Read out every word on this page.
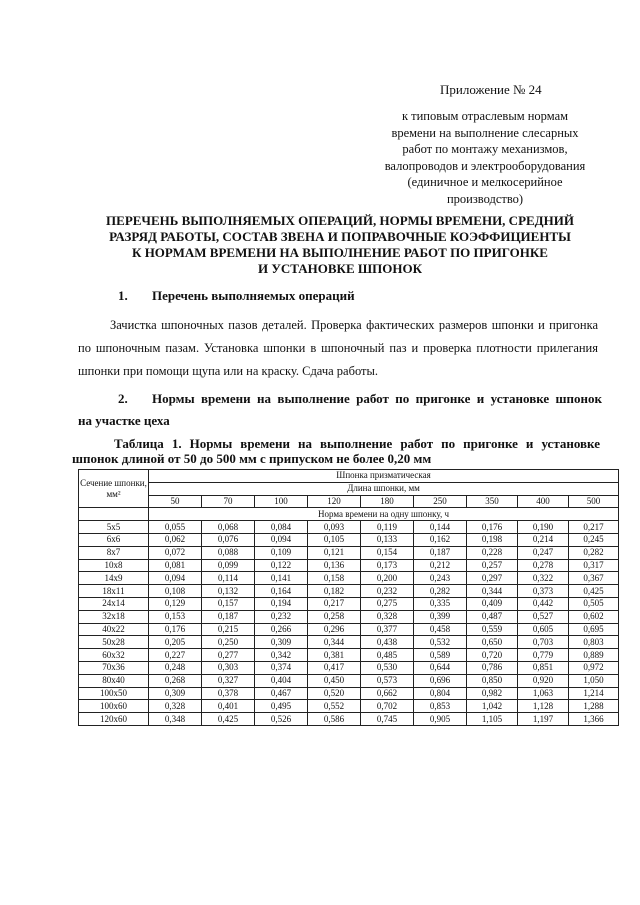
Приложение № 24
к типовым отраслевым нормам
времени на выполнение слесарных
работ по монтажу механизмов,
валопроводов и электрооборудования
(единичное и мелкосерийное
производство)
ПЕРЕЧЕНЬ ВЫПОЛНЯЕМЫХ ОПЕРАЦИЙ, НОРМЫ ВРЕМЕНИ, СРЕДНИЙ
РАЗРЯД РАБОТЫ, СОСТАВ ЗВЕНА И ПОПРАВОЧНЫЕ КОЭФФИЦИЕНТЫ
К НОРМАМ ВРЕМЕНИ НА ВЫПОЛНЕНИЕ РАБОТ ПО ПРИГОНКЕ
И УСТАНОВКЕ ШПОНОК
1. Перечень выполняемых операций
Зачистка шпоночных пазов деталей. Проверка фактических размеров шпонки и пригонка по шпоночным пазам. Установка шпонки в шпоночный паз и проверка плотности прилегания шпонки при помощи щупа или на краску. Сдача работы.
2. Нормы времени на выполнение работ по пригонке и установке шпонок
на участке цеха
Таблица 1. Нормы времени на выполнение работ по пригонке и установке
шпонок длиной от 50 до 500 мм с припуском не более 0,20 мм
Сечение шпонки, мм²	Шпонка призматическая								
	Длина шпонки, мм								
	50	70	100	120	180	250	350	400	500
	Норма времени на одну шпонку, ч								
5x5	0,055	0,068	0,084	0,093	0,119	0,144	0,176	0,190	0,217
6x6	0,062	0,076	0,094	0,105	0,133	0,162	0,198	0,214	0,245
8x7	0,072	0,088	0,109	0,121	0,154	0,187	0,228	0,247	0,282
10x8	0,081	0,099	0,122	0,136	0,173	0,212	0,257	0,278	0,317
14x9	0,094	0,114	0,141	0,158	0,200	0,243	0,297	0,322	0,367
18x11	0,108	0,132	0,164	0,182	0,232	0,282	0,344	0,373	0,425
24x14	0,129	0,157	0,194	0,217	0,275	0,335	0,409	0,442	0,505
32x18	0,153	0,187	0,232	0,258	0,328	0,399	0,487	0,527	0,602
40x22	0,176	0,215	0,266	0,296	0,377	0,458	0,559	0,605	0,695
50x28	0,205	0,250	0,309	0,344	0,438	0,532	0,650	0,703	0,803
60x32	0,227	0,277	0,342	0,381	0,485	0,589	0,720	0,779	0,889
70x36	0,248	0,303	0,374	0,417	0,530	0,644	0,786	0,851	0,972
80x40	0,268	0,327	0,404	0,450	0,573	0,696	0,850	0,920	1,050
100x50	0,309	0,378	0,467	0,520	0,662	0,804	0,982	1,063	1,214
100x60	0,328	0,401	0,495	0,552	0,702	0,853	1,042	1,128	1,288
120x60	0,348	0,425	0,526	0,586	0,745	0,905	1,105	1,197	1,366
